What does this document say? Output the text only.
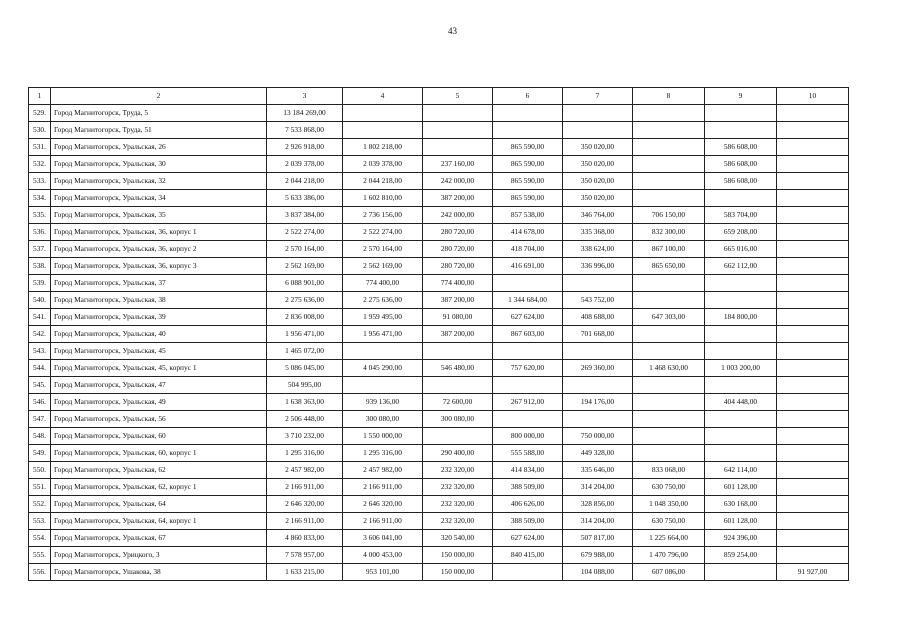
43
1	2	3	4	5	6	7	8	9	10
529.	Город Магнитогорск, Труда, 5	13 184 269,00							
530.	Город Магнитогорск, Труда, 51	7 533 868,00							
531.	Город Магнитогорск, Уральская, 26	2 926 918,00	1 802 218,00		865 590,00	350 020,00		586 608,00	
532.	Город Магнитогорск, Уральская, 30	2 039 378,00	2 039 378,00	237 160,00	865 590,00	350 020,00		586 608,00	
533.	Город Магнитогорск, Уральская, 32	2 044 218,00	2 044 218,00	242 000,00	865 590,00	350 020,00		586 608,00	
534.	Город Магнитогорск, Уральская, 34	5 633 386,00	1 602 810,00	387 200,00	865 590,00	350 020,00			
535.	Город Магнитогорск, Уральская, 35	3 837 384,00	2 736 156,00	242 000,00	857 538,00	346 764,00	706 150,00	583 704,00	
536.	Город Магнитогорск, Уральская, 36, корпус 1	2 522 274,00	2 522 274,00	280 720,00	414 678,00	335 368,00	832 300,00	659 208,00	
537.	Город Магнитогорск, Уральская, 36, корпус 2	2 570 164,00	2 570 164,00	280 720,00	418 704,00	338 624,00	867 100,00	665 016,00	
538.	Город Магнитогорск, Уральская, 36, корпус 3	2 562 169,00	2 562 169,00	280 720,00	416 691,00	336 996,00	865 650,00	662 112,00	
539.	Город Магнитогорск, Уральская, 37	6 088 901,00	774 400,00	774 400,00					
540.	Город Магнитогорск, Уральская, 38	2 275 636,00	2 275 636,00	387 200,00	1 344 684,00	543 752,00			
541.	Город Магнитогорск, Уральская, 39	2 836 008,00	1 959 495,00	91 080,00	627 624,00	408 688,00	647 303,00	184 800,00	
542.	Город Магнитогорск, Уральская, 40	1 956 471,00	1 956 471,00	387 200,00	867 603,00	701 668,00			
543.	Город Магнитогорск, Уральская, 45	1 465 072,00							
544.	Город Магнитогорск, Уральская, 45, корпус 1	5 086 045,00	4 045 290,00	546 480,00	757 620,00	269 360,00	1 468 630,00	1 003 200,00	
545.	Город Магнитогорск, Уральская, 47	504 995,00							
546.	Город Магнитогорск, Уральская, 49	1 638 363,00	939 136,00	72 600,00	267 912,00	194 176,00		404 448,00	
547.	Город Магнитогорск, Уральская, 56	2 506 448,00	300 080,00	300 080,00					
548.	Город Магнитогорск, Уральская, 60	3 710 232,00	1 550 000,00		800 000,00	750 000,00			
549.	Город Магнитогорск, Уральская, 60, корпус 1	1 295 316,00	1 295 316,00	290 400,00	555 588,00	449 328,00			
550.	Город Магнитогорск, Уральская, 62	2 457 982,00	2 457 982,00	232 320,00	414 834,00	335 646,00	833 068,00	642 114,00	
551.	Город Магнитогорск, Уральская, 62, корпус 1	2 166 911,00	2 166 911,00	232 320,00	388 509,00	314 204,00	630 750,00	601 128,00	
552.	Город Магнитогорск, Уральская, 64	2 646 320,00	2 646 320,00	232 320,00	406 626,00	328 856,00	1 048 350,00	630 168,00	
553.	Город Магнитогорск, Уральская, 64, корпус 1	2 166 911,00	2 166 911,00	232 320,00	388 509,00	314 204,00	630 750,00	601 128,00	
554.	Город Магнитогорск, Уральская, 67	4 860 833,00	3 606 041,00	320 540,00	627 624,00	507 817,00	1 225 664,00	924 396,00	
555.	Город Магнитогорск, Урицкого, 3	7 578 957,00	4 000 453,00	150 000,00	840 415,00	679 988,00	1 470 796,00	859 254,00	
556.	Город Магнитогорск, Ушакова, 38	1 633 215,00	953 101,00	150 000,00		104 088,00	607 086,00		91 927,00
